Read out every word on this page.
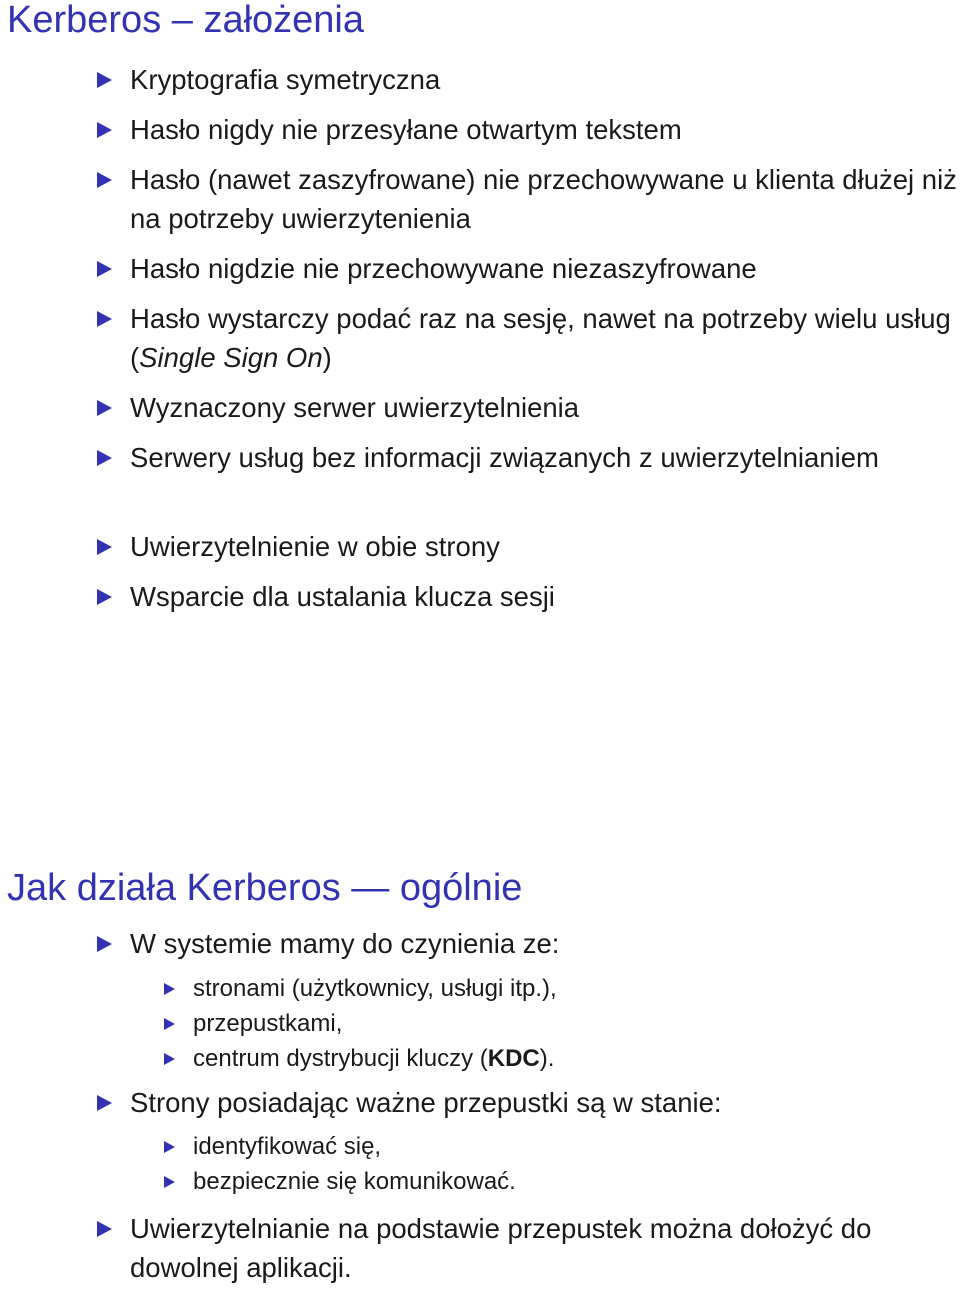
Kerberos – założenia
Kryptografia symetryczna
Hasło nigdy nie przesyłane otwartym tekstem
Hasło (nawet zaszyfrowane) nie przechowywane u klienta dłużej niż na potrzeby uwierzytenienia
Hasło nigdzie nie przechowywane niezaszyfrowane
Hasło wystarczy podać raz na sesję, nawet na potrzeby wielu usług (Single Sign On)
Wyznaczony serwer uwierzytelnienia
Serwery usług bez informacji związanych z uwierzytelnianiem
Uwierzytelnienie w obie strony
Wsparcie dla ustalania klucza sesji
Jak działa Kerberos — ogólnie
W systemie mamy do czynienia ze:
stronami (użytkownicy, usługi itp.),
przepustkami,
centrum dystrybucji kluczy (KDC).
Strony posiadając ważne przepustki są w stanie:
identyfikować się,
bezpiecznie się komunikować.
Uwierzytelnianie na podstawie przepustek można dołożyć do dowolnej aplikacji.
